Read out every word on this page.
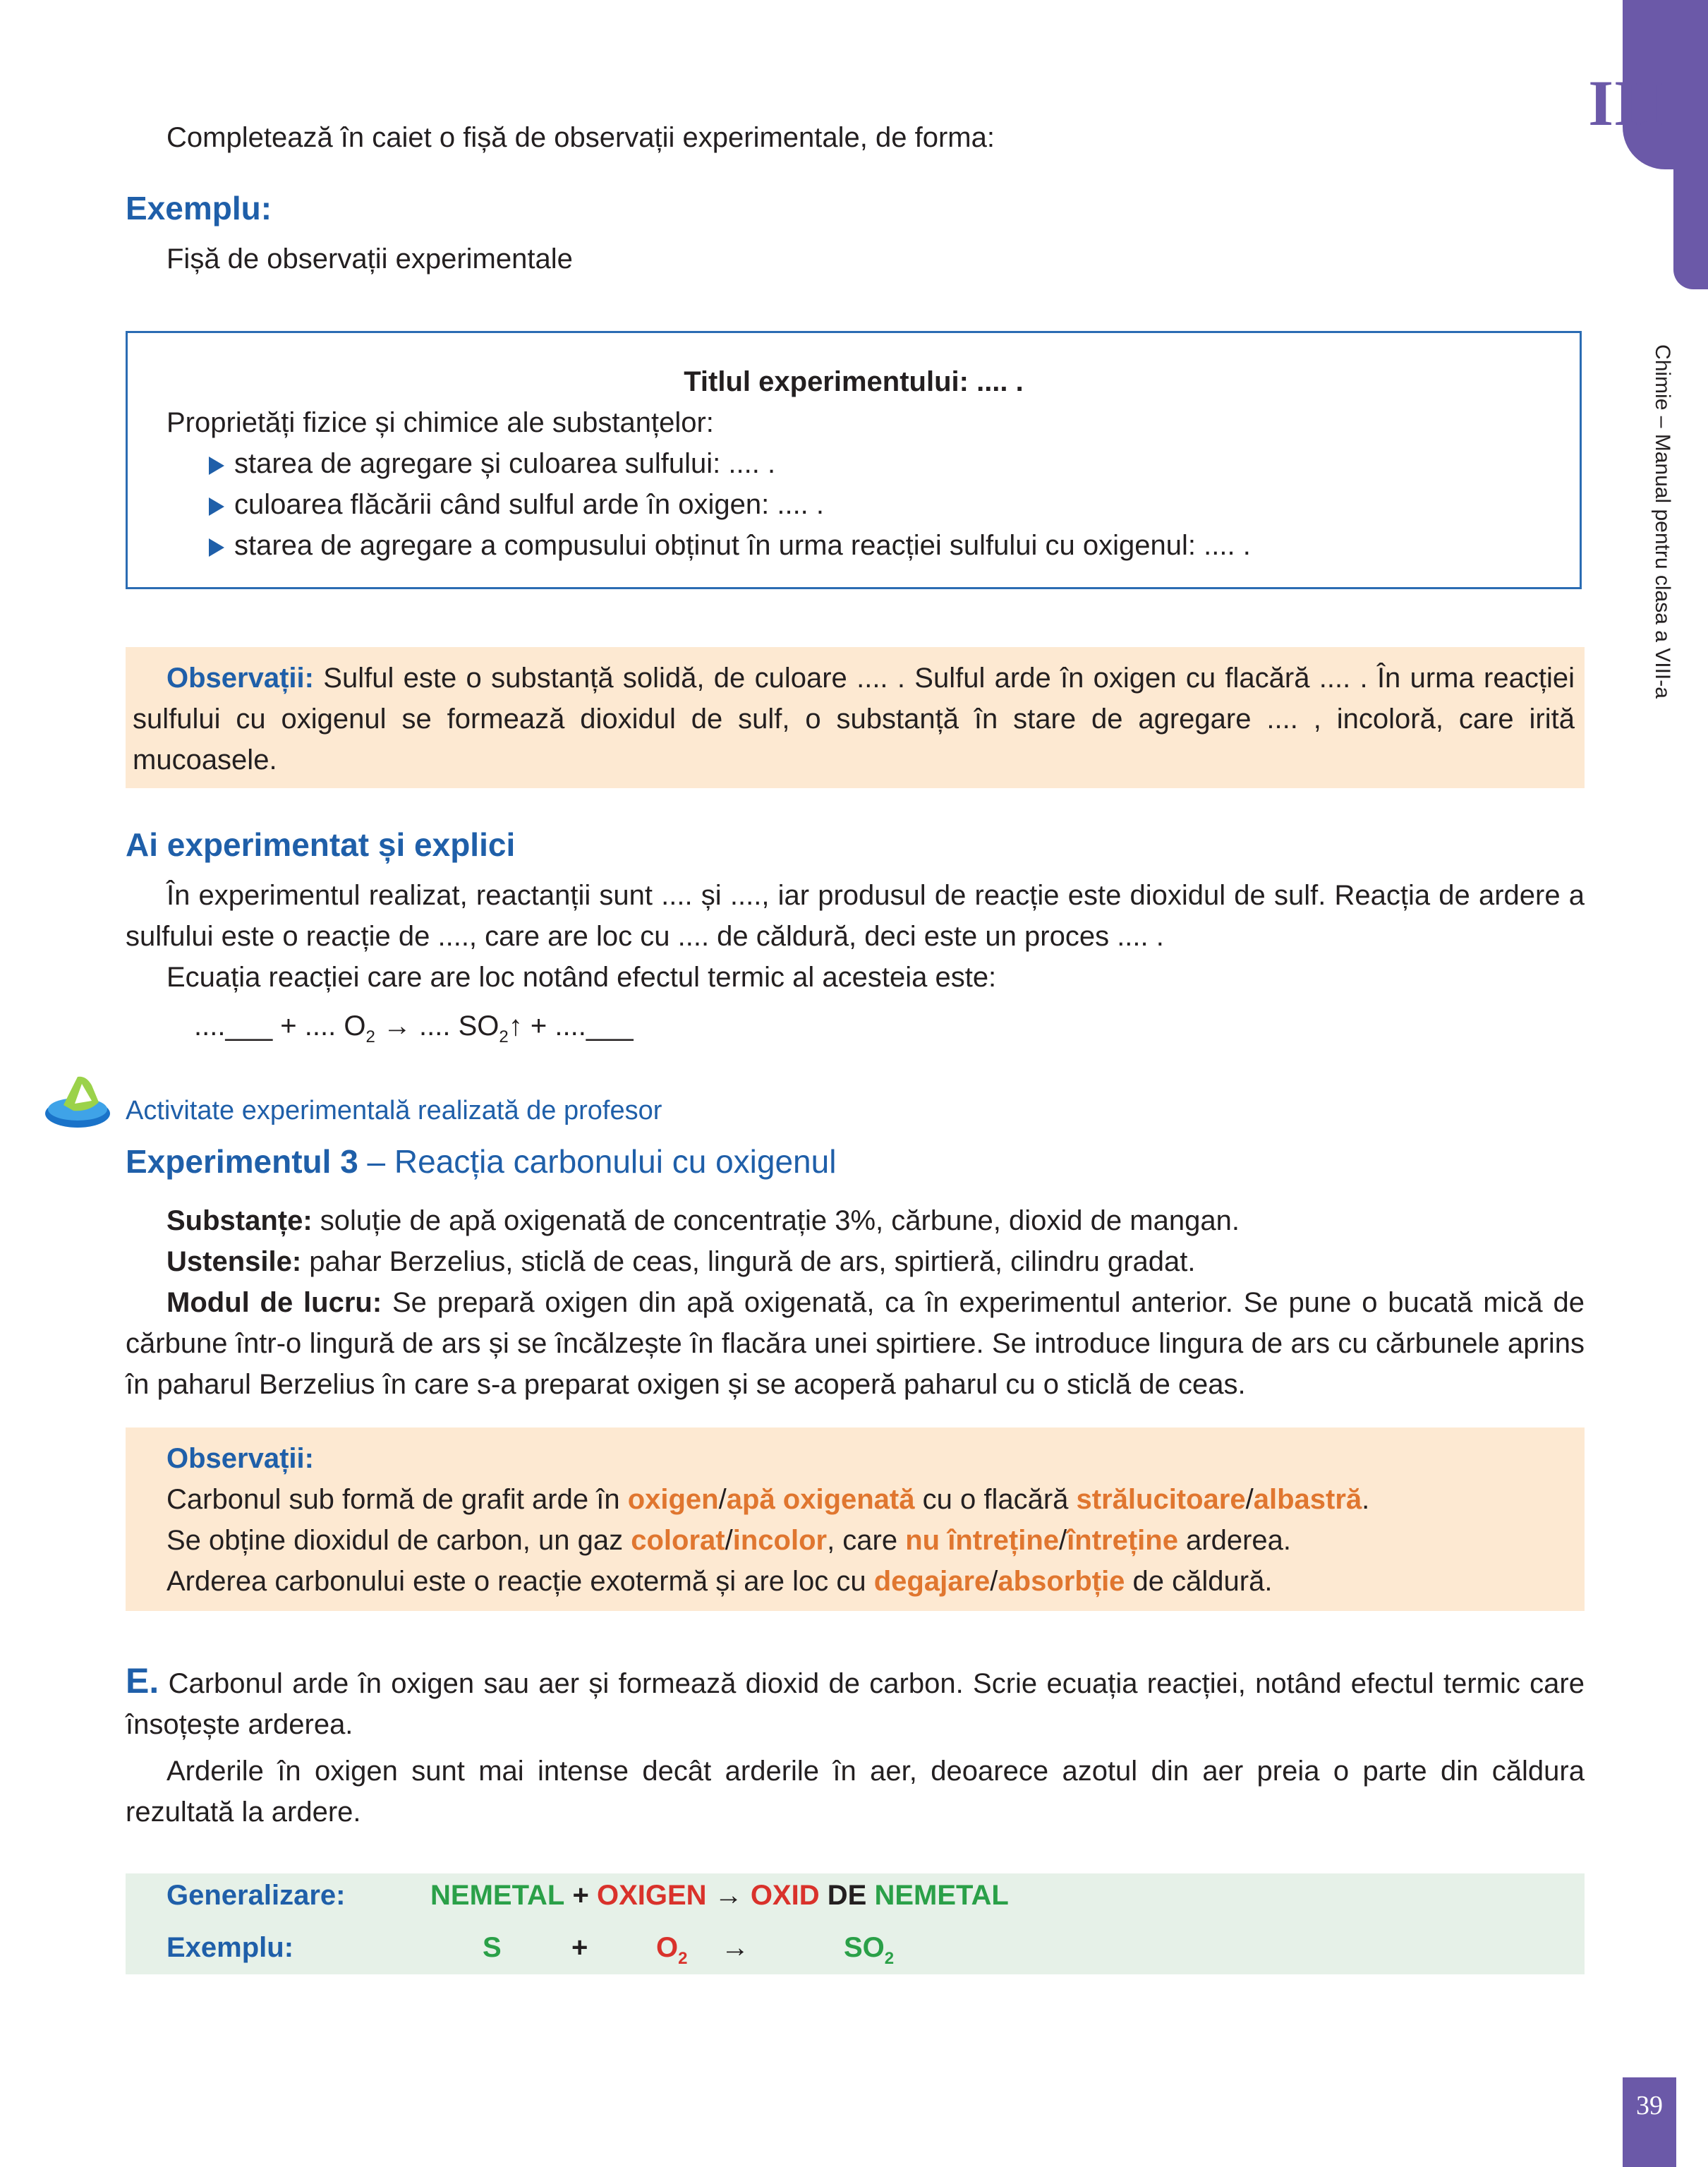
III
Unitatea
Chimie – Manual pentru clasa a VIII-a
39
Completează în caiet o fișă de observații experimentale, de forma:
Exemplu:
Fișă de observații experimentale
Titlul experimentului: .... .
Proprietăți fizice și chimice ale substanțelor:
starea de agregare și culoarea sulfului: .... .
culoarea flăcării când sulful arde în oxigen: .... .
starea de agregare a compusului obținut în urma reacției sulfului cu oxigenul: .... .
Observații: Sulful este o substanță solidă, de culoare .... . Sulful arde în oxigen cu flacără .... . În urma reacției sulfului cu oxigenul se formează dioxidul de sulf, o substanță în stare de agregare .... , incoloră, care irită mucoasele.
Ai experimentat și explici
În experimentul realizat, reactanții sunt .... și ...., iar produsul de reacție este dioxidul de sulf. Reacția de ardere a sulfului este o reacție de ...., care are loc cu .... de căldură, deci este un proces .... .
Ecuația reacției care are loc notând efectul termic al acesteia este:
....___ + .... $O_2$ → .... $SO_2↑$ + ....___
Activitate experimentală realizată de profesor
Experimentul 3 – Reacția carbonului cu oxigenul
Substanțe: soluție de apă oxigenată de concentrație 3%, cărbune, dioxid de mangan.
Ustensile: pahar Berzelius, sticlă de ceas, lingură de ars, spirtieră, cilindru gradat.
Modul de lucru: Se prepară oxigen din apă oxigenată, ca în experimentul anterior. Se pune o bucată mică de cărbune într-o lingură de ars și se încălzește în flacăra unei spirtiere. Se introduce lingura de ars cu cărbunele aprins în paharul Berzelius în care s-a preparat oxigen și se acoperă paharul cu o sticlă de ceas.
Observații:
Carbonul sub formă de grafit arde în oxigen/apă oxigenată cu o flacără strălucitoare/albastră.
Se obține dioxidul de carbon, un gaz colorat/incolor, care nu întreține/întreține arderea.
Arderea carbonului este o reacție exotermă și are loc cu degajare/absorbție de căldură.
E. Carbonul arde în oxigen sau aer și formează dioxid de carbon. Scrie ecuația reacției, notând efectul termic care însoțește arderea.
Arderile în oxigen sunt mai intense decât arderile în aer, deoarece azotul din aer preia o parte din căldura rezultată la ardere.
Generalizare:	NEMETAL + OXIGEN → OXID DE NEMETAL
Exemplu:	$S + O_2$ →	$SO_2$
